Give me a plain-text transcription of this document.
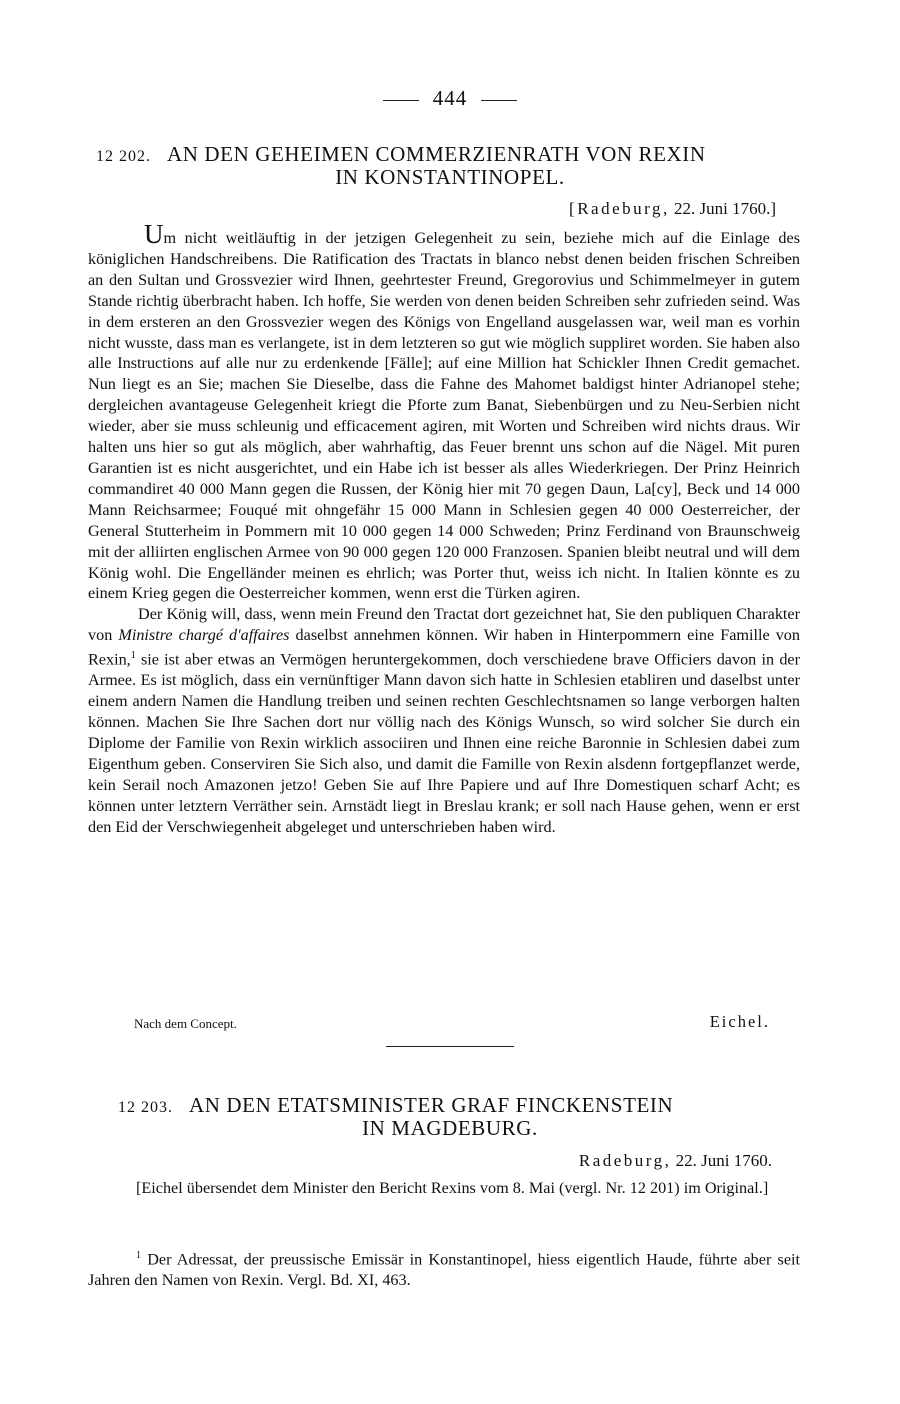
444
12 202. AN DEN GEHEIMEN COMMERZIENRATH VON REXIN
IN KONSTANTINOPEL.
[Radeburg, 22. Juni 1760.]

Um nicht weitläuftig in der jetzigen Gelegenheit zu sein, beziehe mich auf die Einlage des königlichen Handschreibens. Die Ratification des Tractats in blanco nebst denen beiden frischen Schreiben an den Sultan und Grossvezier wird Ihnen, geehrtester Freund, Gregorovius und Schimmelmeyer in gutem Stande richtig überbracht haben. Ich hoffe, Sie werden von denen beiden Schreiben sehr zufrieden seind. Was in dem ersteren an den Grossvezier wegen des Königs von Engelland ausgelassen war, weil man es vorhin nicht wusste, dass man es verlangete, ist in dem letzteren so gut wie möglich suppliret worden. Sie haben also alle Instructions auf alle nur zu erdenkende [Fälle]; auf eine Million hat Schickler Ihnen Credit gemachet. Nun liegt es an Sie; machen Sie Dieselbe, dass die Fahne des Mahomet baldigst hinter Adrianopel stehe; dergleichen avantageuse Gelegenheit kriegt die Pforte zum Banat, Siebenbürgen und zu Neu-Serbien nicht wieder, aber sie muss schleunig und efficacement agiren, mit Worten und Schreiben wird nichts draus. Wir halten uns hier so gut als möglich, aber wahrhaftig, das Feuer brennt uns schon auf die Nägel. Mit puren Garantien ist es nicht ausgerichtet, und ein Habe ich ist besser als alles Wiederkriegen. Der Prinz Heinrich commandiret 40 000 Mann gegen die Russen, der König hier mit 70 gegen Daun, La[cy], Beck und 14 000 Mann Reichsarmee; Fouqué mit ohngefähr 15 000 Mann in Schlesien gegen 40 000 Oesterreicher, der General Stutterheim in Pommern mit 10 000 gegen 14 000 Schweden; Prinz Ferdinand von Braunschweig mit der alliirten englischen Armee von 90 000 gegen 120 000 Franzosen. Spanien bleibt neutral und will dem König wohl. Die Engelländer meinen es ehrlich; was Porter thut, weiss ich nicht. In Italien könnte es zu einem Krieg gegen die Oesterreicher kommen, wenn erst die Türken agiren.

Der König will, dass, wenn mein Freund den Tractat dort gezeichnet hat, Sie den publiquen Charakter von Ministre chargé d'affaires daselbst annehmen können. Wir haben in Hinterpommern eine Famille von Rexin,$^1$ sie ist aber etwas an Vermögen heruntergekommen, doch verschiedene brave Officiers davon in der Armee. Es ist möglich, dass ein vernünftiger Mann davon sich hatte in Schlesien etabliren und daselbst unter einem andern Namen die Handlung treiben und seinen rechten Geschlechtsnamen so lange verborgen halten können. Machen Sie Ihre Sachen dort nur völlig nach des Königs Wunsch, so wird solcher Sie durch ein Diplome der Familie von Rexin wirklich associiren und Ihnen eine reiche Baronnie in Schlesien dabei zum Eigenthum geben. Conserviren Sie Sich also, und damit die Famille von Rexin alsdenn fortgepflanzet werde, kein Serail noch Amazonen jetzo! Geben Sie auf Ihre Papiere und auf Ihre Domestiquen scharf Acht; es können unter letztern Verräther sein. Arnstädt liegt in Breslau krank; er soll nach Hause gehen, wenn er erst den Eid der Verschwiegenheit abgeleget und unterschrieben haben wird.

Nach dem Concept.	Eichel.
12 203. AN DEN ETATSMINISTER GRAF FINCKENSTEIN
IN MAGDEBURG.
Radeburg, 22. Juni 1760.

[Eichel übersendet dem Minister den Bericht Rexins vom 8. Mai (vergl. Nr. 12 201) im Original.]

$^1$ Der Adressat, der preussische Emissär in Konstantinopel, hiess eigentlich Haude, führte aber seit Jahren den Namen von Rexin. Vergl. Bd. XI, 463.
